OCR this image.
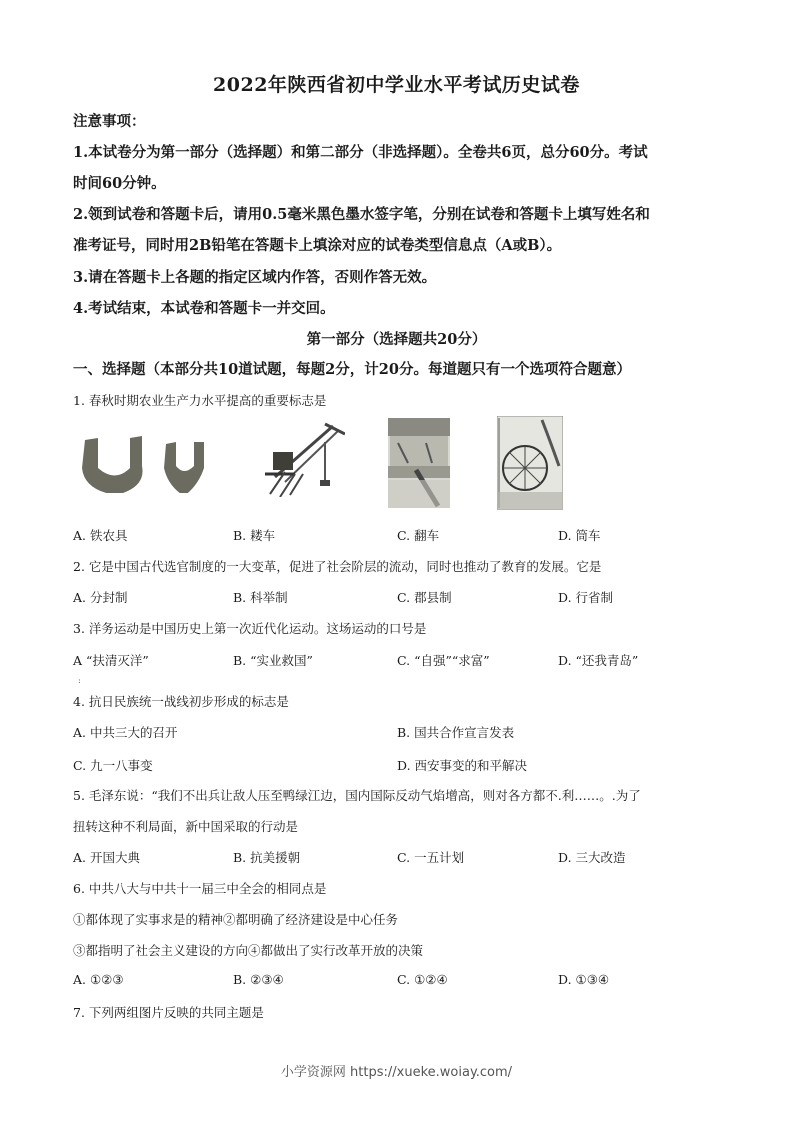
2022年陕西省初中学业水平考试历史试卷
注意事项：
1.本试卷分为第一部分（选择题）和第二部分（非选择题）。全卷共6页，总分60分。考试
时间60分钟。
2.领到试卷和答题卡后，请用0.5毫米黑色墨水签字笔，分别在试卷和答题卡上填写姓名和
准考证号，同时用2B铅笔在答题卡上填涂对应的试卷类型信息点（A或B）。
3.请在答题卡上各题的指定区域内作答，否则作答无效。
4.考试结束，本试卷和答题卡一并交回。
第一部分（选择题共20分）
一、选择题（本部分共10道试题，每题2分，计20分。每道题只有一个选项符合题意）
1. 春秋时期农业生产力水平提高的重要标志是
A. 铁农具	B. 耧车	C. 翻车	D. 筒车
2. 它是中国古代选官制度的一大变革，促进了社会阶层的流动，同时也推动了教育的发展。它是
A. 分封制	B. 科举制	C. 郡县制	D. 行省制
3. 洋务运动是中国历史上第一次近代化运动。这场运动的口号是
A “扶清灭洋”	B. “实业救国”	C. “自强”“求富”	D. “还我青岛”
:
4. 抗日民族统一战线初步形成的标志是
A. 中共三大的召开	B. 国共合作宣言发表
C. 九一八事变	D. 西安事变的和平解决
5. 毛泽东说：“我们不出兵让敌人压至鸭绿江边，国内国际反动气焰增高，则对各方都不.利……。.为了
扭转这种不利局面，新中国采取的行动是
A. 开国大典	B. 抗美援朝	C. 一五计划	D. 三大改造
6. 中共八大与中共十一届三中全会的相同点是
①都体现了实事求是的精神②都明确了经济建设是中心任务
③都指明了社会主义建设的方向④都做出了实行改革开放的决策
A. ①②③	B. ②③④	C. ①②④	D. ①③④
7. 下列两组图片反映的共同主题是
小学资源网 https://xueke.woiay.com/
